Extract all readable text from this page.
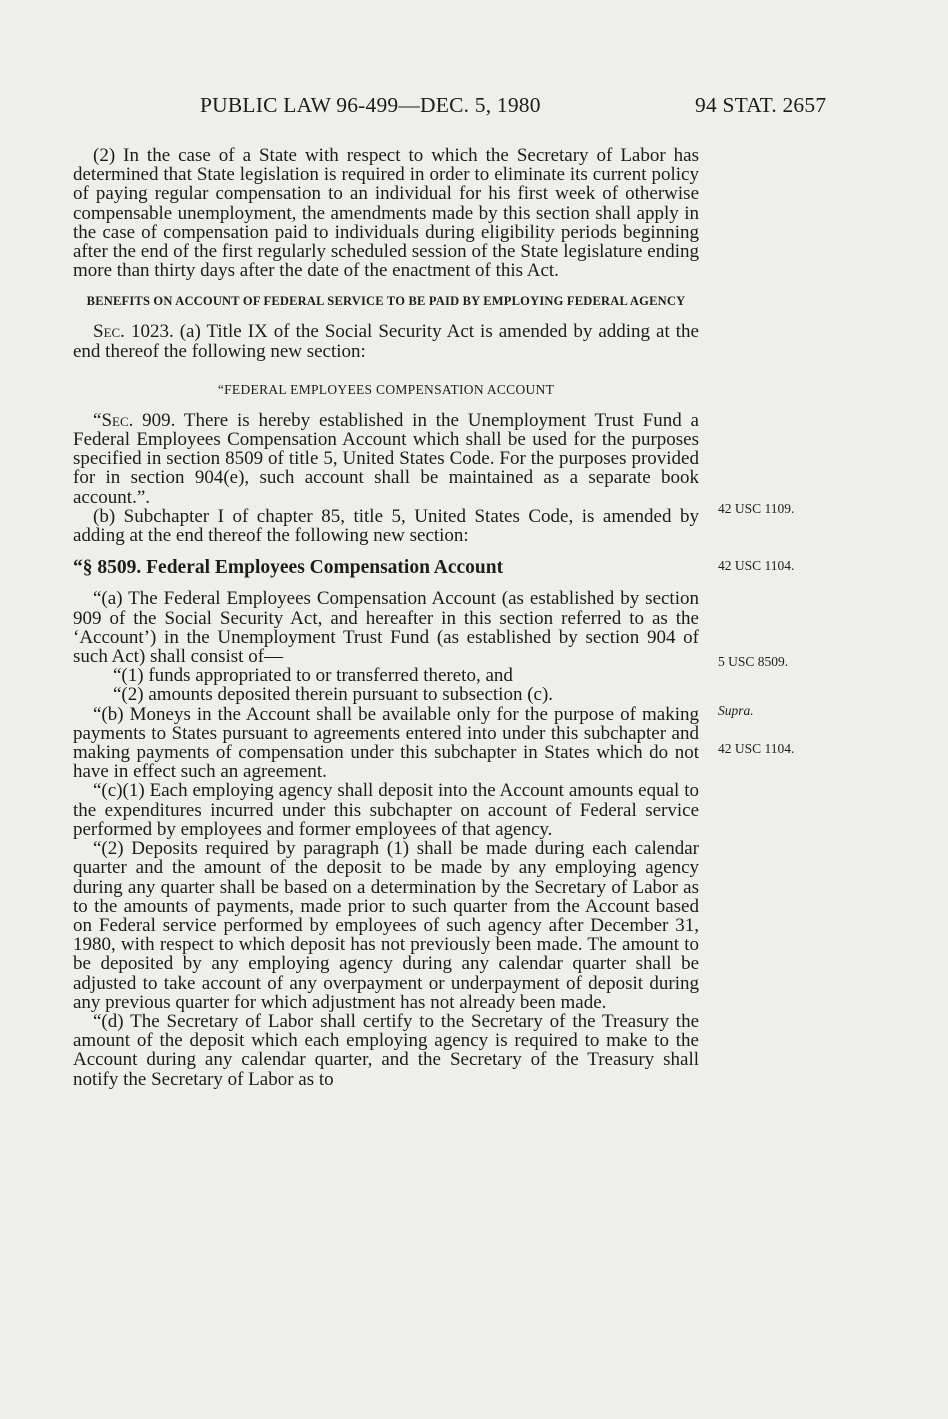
PUBLIC LAW 96-499—DEC. 5, 1980	94 STAT. 2657

(2) In the case of a State with respect to which the Secretary of Labor has determined that State legislation is required in order to eliminate its current policy of paying regular compensation to an individual for his first week of otherwise compensable unemployment, the amendments made by this section shall apply in the case of compensation paid to individuals during eligibility periods beginning after the end of the first regularly scheduled session of the State legislature ending more than thirty days after the date of the enactment of this Act.

BENEFITS ON ACCOUNT OF FEDERAL SERVICE TO BE PAID BY EMPLOYING FEDERAL AGENCY

Sec. 1023. (a) Title IX of the Social Security Act is amended by adding at the end thereof the following new section:

“FEDERAL EMPLOYEES COMPENSATION ACCOUNT

“Sec. 909. There is hereby established in the Unemployment Trust Fund a Federal Employees Compensation Account which shall be used for the purposes specified in section 8509 of title 5, United States Code. For the purposes provided for in section 904(e), such account shall be maintained as a separate book account.”.

(b) Subchapter I of chapter 85, title 5, United States Code, is amended by adding at the end thereof the following new section:

“§ 8509. Federal Employees Compensation Account

“(a) The Federal Employees Compensation Account (as established by section 909 of the Social Security Act, and hereafter in this section referred to as the ‘Account’) in the Unemployment Trust Fund (as established by section 904 of such Act) shall consist of—

“(1) funds appropriated to or transferred thereto, and

“(2) amounts deposited therein pursuant to subsection (c).

“(b) Moneys in the Account shall be available only for the purpose of making payments to States pursuant to agreements entered into under this subchapter and making payments of compensation under this subchapter in States which do not have in effect such an agreement.

“(c)(1) Each employing agency shall deposit into the Account amounts equal to the expenditures incurred under this subchapter on account of Federal service performed by employees and former employees of that agency.

“(2) Deposits required by paragraph (1) shall be made during each calendar quarter and the amount of the deposit to be made by any employing agency during any quarter shall be based on a determination by the Secretary of Labor as to the amounts of payments, made prior to such quarter from the Account based on Federal service performed by employees of such agency after December 31, 1980, with respect to which deposit has not previously been made. The amount to be deposited by any employing agency during any calendar quarter shall be adjusted to take account of any overpayment or underpayment of deposit during any previous quarter for which adjustment has not already been made.

“(d) The Secretary of Labor shall certify to the Secretary of the Treasury the amount of the deposit which each employing agency is required to make to the Account during any calendar quarter, and the Secretary of the Treasury shall notify the Secretary of Labor as to

42 USC 1109.
42 USC 1104.
5 USC 8509.
Supra.
42 USC 1104.
